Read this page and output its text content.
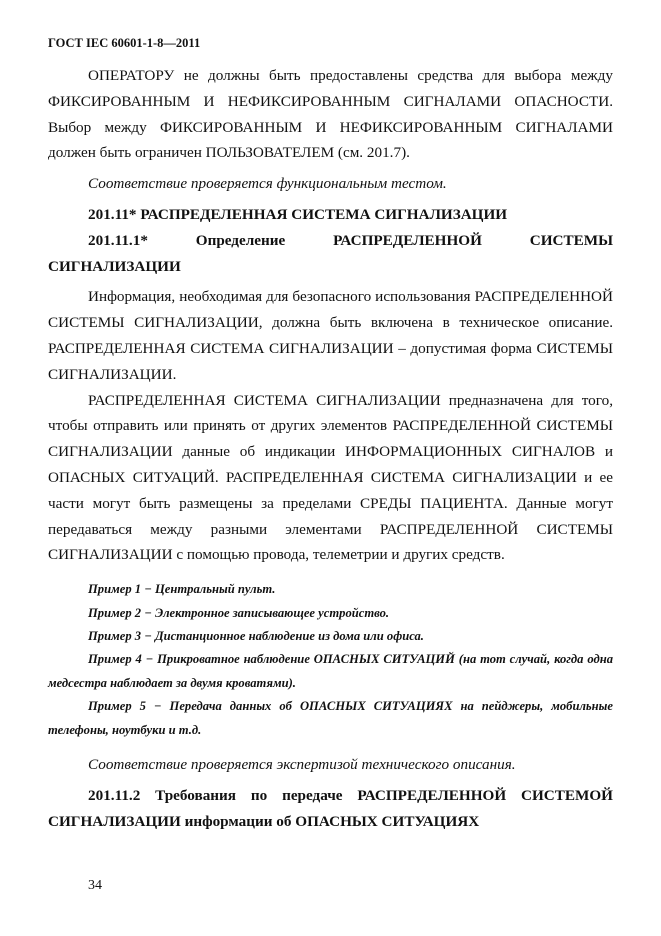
ГОСТ IEC 60601-1-8—2011

ОПЕРАТОРУ не должны быть предоставлены средства для выбора между ФИКСИРОВАННЫМ И НЕФИКСИРОВАННЫМ СИГНАЛАМИ ОПАСНОСТИ. Выбор между ФИКСИРОВАННЫМ И НЕФИКСИРОВАННЫМ СИГНАЛАМИ должен быть ограничен ПОЛЬЗОВАТЕЛЕМ (см. 201.7).

Соответствие проверяется функциональным тестом.

201.11* РАСПРЕДЕЛЕННАЯ СИСТЕМА СИГНАЛИЗАЦИИ

201.11.1* Определение РАСПРЕДЕЛЕННОЙ СИСТЕМЫ

СИГНАЛИЗАЦИИ

Информация, необходимая для безопасного использования РАСПРЕДЕЛЕННОЙ СИСТЕМЫ СИГНАЛИЗАЦИИ, должна быть включена в техническое описание. РАСПРЕДЕЛЕННАЯ СИСТЕМА СИГНАЛИЗАЦИИ – допустимая форма СИСТЕМЫ СИГНАЛИЗАЦИИ.

РАСПРЕДЕЛЕННАЯ СИСТЕМА СИГНАЛИЗАЦИИ предназначена для того, чтобы отправить или принять от других элементов РАСПРЕДЕЛЕННОЙ СИСТЕМЫ СИГНАЛИЗАЦИИ данные об индикации ИНФОРМАЦИОННЫХ СИГНАЛОВ и ОПАСНЫХ СИТУАЦИЙ. РАСПРЕДЕЛЕННАЯ СИСТЕМА СИГНАЛИЗАЦИИ и ее части могут быть размещены за пределами СРЕДЫ ПАЦИЕНТА. Данные могут передаваться между разными элементами РАСПРЕДЕЛЕННОЙ СИСТЕМЫ СИГНАЛИЗАЦИИ с помощью провода, телеметрии и других средств.

Пример 1 − Центральный пульт.

Пример 2 − Электронное записывающее устройство.

Пример 3 − Дистанционное наблюдение из дома или офиса.

Пример 4 − Прикроватное наблюдение ОПАСНЫХ СИТУАЦИЙ (на тот случай, когда одна медсестра наблюдает за двумя кроватями).

Пример 5 − Передача данных об ОПАСНЫХ СИТУАЦИЯХ на пейджеры, мобильные телефоны, ноутбуки и т.д.

Соответствие проверяется экспертизой технического описания.

201.11.2 Требования по передаче РАСПРЕДЕЛЕННОЙ СИСТЕМОЙ СИГНАЛИЗАЦИИ информации об ОПАСНЫХ СИТУАЦИЯХ

34
